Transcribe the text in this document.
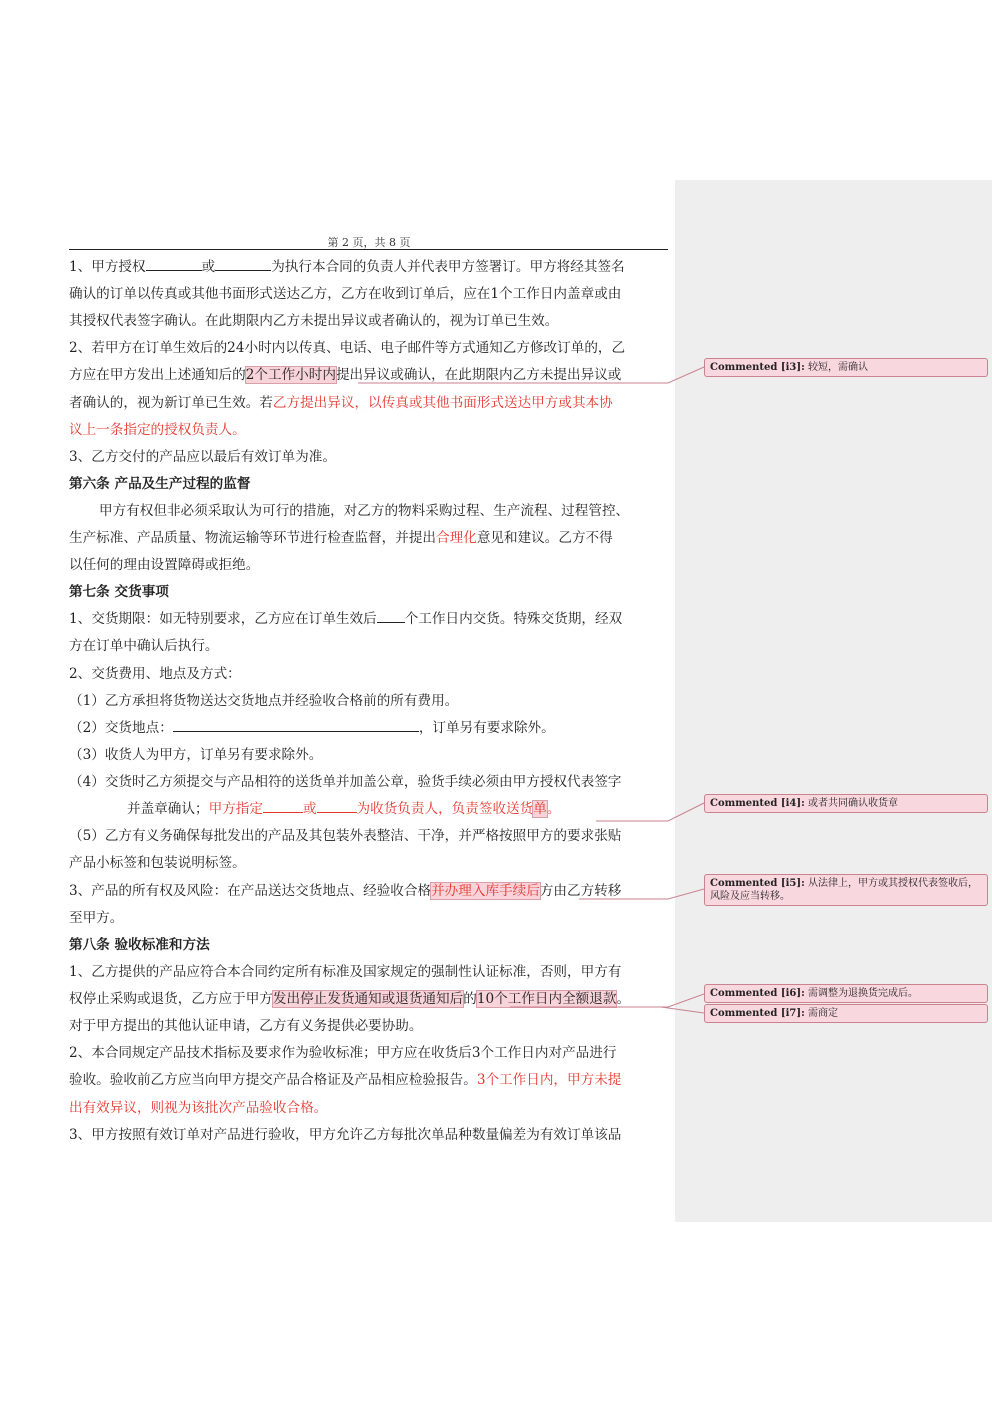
第 2 页，共 8 页
1、甲方授权	或	为执行本合同的负责人并代表甲方签署订。甲方将经其签名
确认的订单以传真或其他书面形式送达乙方，乙方在收到订单后，应在1个工作日内盖章或由
其授权代表签字确认。在此期限内乙方未提出异议或者确认的，视为订单已生效。
2、若甲方在订单生效后的24小时内以传真、电话、电子邮件等方式通知乙方修改订单的，乙
方应在甲方发出上述通知后的2个工作小时内提出异议或确认，在此期限内乙方未提出异议或
者确认的，视为新订单已生效。若乙方提出异议，以传真或其他书面形式送达甲方或其本协
议上一条指定的授权负责人。
3、乙方交付的产品应以最后有效订单为准。
第六条 产品及生产过程的监督
甲方有权但非必须采取认为可行的措施，对乙方的物料采购过程、生产流程、过程管控、
生产标准、产品质量、物流运输等环节进行检查监督，并提出合理化意见和建议。乙方不得
以任何的理由设置障碍或拒绝。
第七条 交货事项
1、交货期限：如无特别要求，乙方应在订单生效后 个工作日内交货。特殊交货期，经双
方在订单中确认后执行。
2、交货费用、地点及方式：
（1）乙方承担将货物送达交货地点并经验收合格前的所有费用。
（2）交货地点：	，订单另有要求除外。
（3）收货人为甲方，订单另有要求除外。
（4）交货时乙方须提交与产品相符的送货单并加盖公章，验货手续必须由甲方授权代表签字
并盖章确认；甲方指定	或	为收货负责人，负责签收送货单。
（5）乙方有义务确保每批发出的产品及其包装外表整洁、干净，并严格按照甲方的要求张贴
产品小标签和包装说明标签。
3、产品的所有权及风险：在产品送达交货地点、经验收合格并办理入库手续后方由乙方转移
至甲方。
第八条 验收标准和方法
1、乙方提供的产品应符合本合同约定所有标准及国家规定的强制性认证标准，否则，甲方有
权停止采购或退货，乙方应于甲方发出停止发货通知或退货通知后的10个工作日内全额退款。
对于甲方提出的其他认证申请，乙方有义务提供必要协助。
2、本合同规定产品技术指标及要求作为验收标准；甲方应在收货后3个工作日内对产品进行
验收。验收前乙方应当向甲方提交产品合格证及产品相应检验报告。3个工作日内，甲方未提
出有效异议，则视为该批次产品验收合格。
3、甲方按照有效订单对产品进行验收，甲方允许乙方每批次单品种数量偏差为有效订单该品
Commented [i3]: 较短，需确认
Commented [i4]: 或者共同确认收货章
Commented [i5]: 从法律上，甲方或其授权代表签收后，风险及应当转移。
Commented [i6]: 需调整为退换货完成后。
Commented [i7]: 需商定
